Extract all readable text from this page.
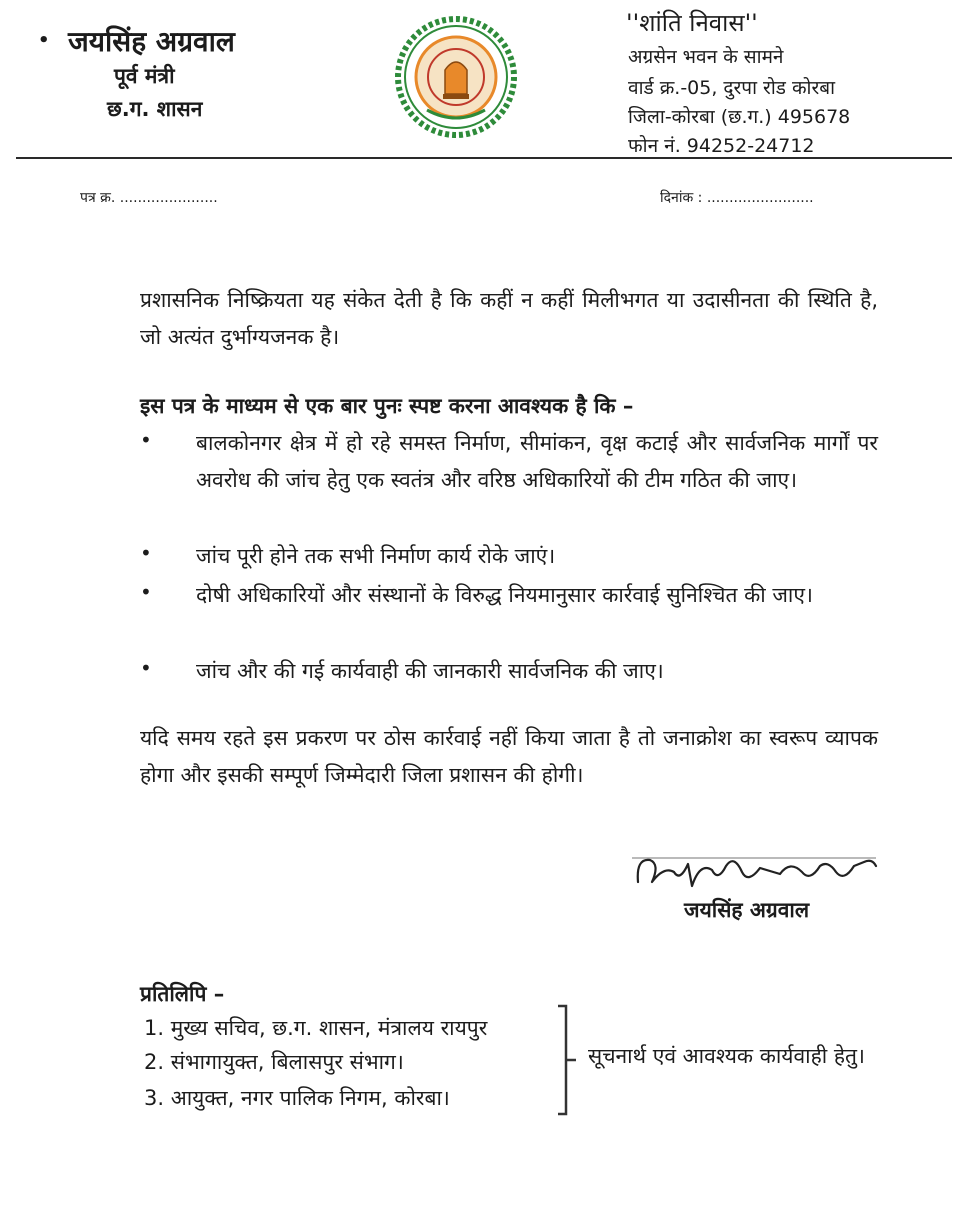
• जयसिंह अग्रवाल
पूर्व मंत्री
छ.ग. शासन
''शांति निवास''
अग्रसेन भवन के सामने
वार्ड क्र.-05, दुरपा रोड कोरबा
जिला-कोरबा (छ.ग.) 495678
फोन नं. 94252-24712
पत्र क्र. ......................	दिनांक : ........................
प्रशासनिक निष्क्रियता यह संकेत देती है कि कहीं न कहीं मिलीभगत या उदासीनता की स्थिति है, जो अत्यंत दुर्भाग्यजनक है।
इस पत्र के माध्यम से एक बार पुनः स्पष्ट करना आवश्यक है कि –
• बालकोनगर क्षेत्र में हो रहे समस्त निर्माण, सीमांकन, वृक्ष कटाई और सार्वजनिक मार्गों पर अवरोध की जांच हेतु एक स्वतंत्र और वरिष्ठ अधिकारियों की टीम गठित की जाए।
• जांच पूरी होने तक सभी निर्माण कार्य रोके जाएं।
• दोषी अधिकारियों और संस्थानों के विरुद्ध नियमानुसार कार्रवाई सुनिश्चित की जाए।
• जांच और की गई कार्यवाही की जानकारी सार्वजनिक की जाए।
यदि समय रहते इस प्रकरण पर ठोस कार्रवाई नहीं किया जाता है तो जनाक्रोश का स्वरूप व्यापक होगा और इसकी सम्पूर्ण जिम्मेदारी जिला प्रशासन की होगी।
जयसिंह अग्रवाल
प्रतिलिपि –
1. मुख्य सचिव, छ.ग. शासन, मंत्रालय रायपुर
2. संभागायुक्त, बिलासपुर संभाग।
3. आयुक्त, नगर पालिक निगम, कोरबा।
सूचनार्थ एवं आवश्यक कार्यवाही हेतु।
